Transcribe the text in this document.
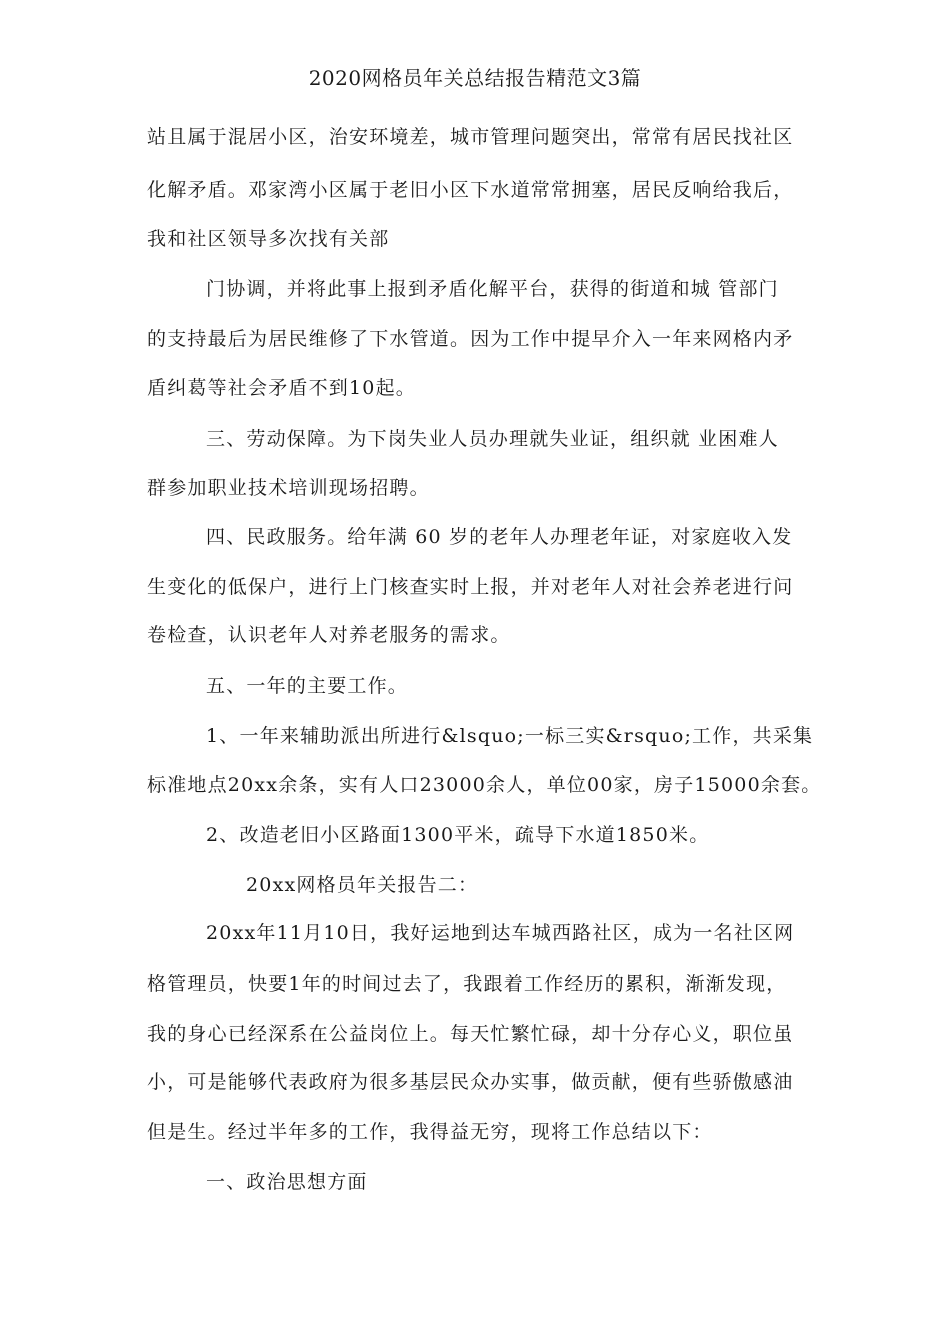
2020网格员年关总结报告精范文3篇
站且属于混居小区，治安环境差，城市管理问题突出，常常有居民找社区
化解矛盾。邓家湾小区属于老旧小区下水道常常拥塞，居民反响给我后，
我和社区领导多次找有关部
门协调，并将此事上报到矛盾化解平台，获得的街道和城 管部门
的支持最后为居民维修了下水管道。因为工作中提早介入一年来网格内矛
盾纠葛等社会矛盾不到10起。
三、劳动保障。为下岗失业人员办理就失业证，组织就 业困难人
群参加职业技术培训现场招聘。
四、民政服务。给年满 60 岁的老年人办理老年证，对家庭收入发
生变化的低保户，进行上门核查实时上报，并对老年人对社会养老进行问
卷检查，认识老年人对养老服务的需求。
五、一年的主要工作。
1、一年来辅助派出所进行&lsquo;一标三实&rsquo;工作，共采集
标准地点20xx余条，实有人口23000余人，单位00家，房子15000余套。
2、改造老旧小区路面1300平米，疏导下水道1850米。
20xx网格员年关报告二：
20xx年11月10日，我好运地到达车城西路社区，成为一名社区网
格管理员，快要1年的时间过去了，我跟着工作经历的累积，渐渐发现，
我的身心已经深系在公益岗位上。每天忙繁忙碌，却十分存心义，职位虽
小，可是能够代表政府为很多基层民众办实事，做贡献，便有些骄傲感油
但是生。经过半年多的工作，我得益无穷，现将工作总结以下：
一、政治思想方面
